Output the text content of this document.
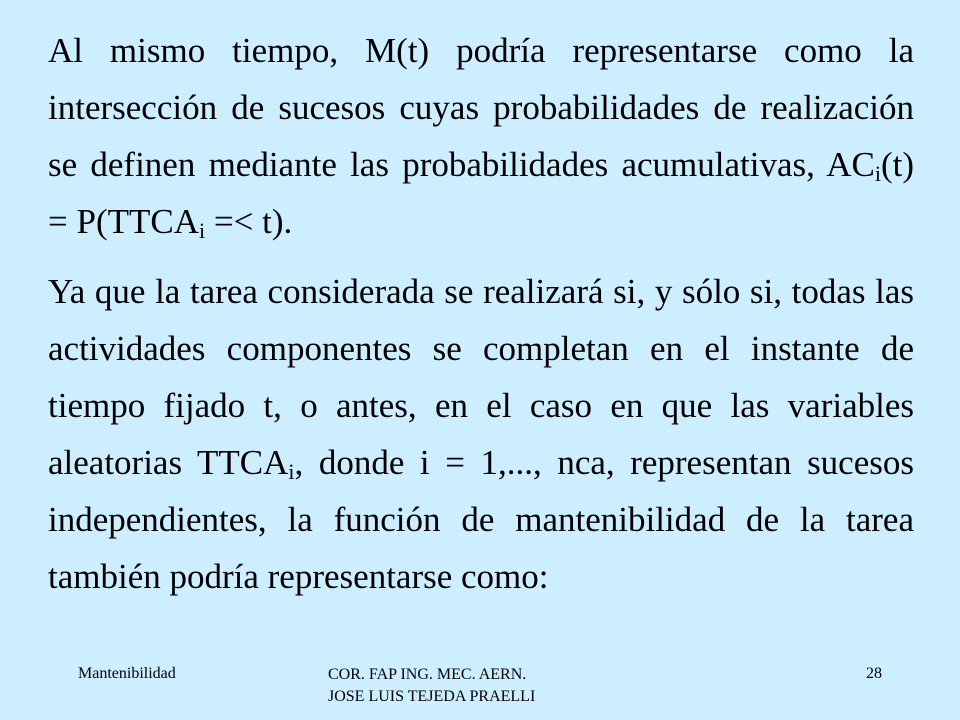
Al mismo tiempo, M(t) podría representarse como la intersección de sucesos cuyas probabilidades de realización se definen mediante las probabilidades acumulativas, $AC_i(t)$ = $P(TTCA_i =< t)$.

Ya que la tarea considerada se realizará si, y sólo si, todas las actividades componentes se completan en el instante de tiempo fijado t, o antes, en el caso en que las variables aleatorias $TTCA_i$, donde i = 1,..., nca, representan sucesos independientes, la función de mantenibilidad de la tarea también podría representarse como:

Mantenibilidad	COR. FAP ING. MEC. AERN.
JOSE LUIS TEJEDA PRAELLI
28
